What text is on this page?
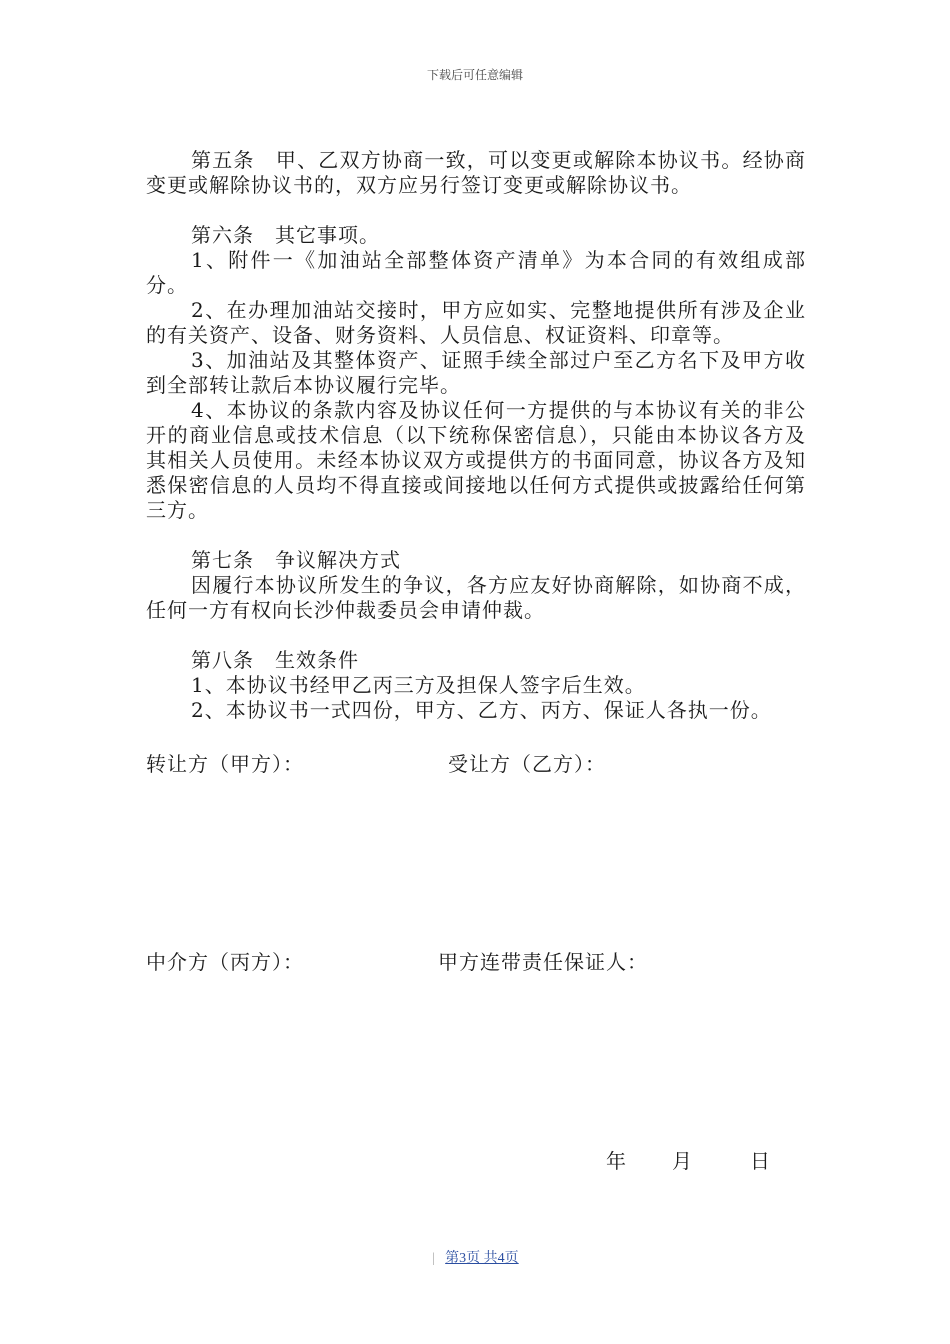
下载后可任意编辑

第五条　甲、乙双方协商一致，可以变更或解除本协议书。经协商变更或解除协议书的，双方应另行签订变更或解除协议书。

第六条　其它事项。

1、附件一《加油站全部整体资产清单》为本合同的有效组成部分。

2、在办理加油站交接时，甲方应如实、完整地提供所有涉及企业的有关资产、设备、财务资料、人员信息、权证资料、印章等。

3、加油站及其整体资产、证照手续全部过户至乙方名下及甲方收到全部转让款后本协议履行完毕。

4、本协议的条款内容及协议任何一方提供的与本协议有关的非公开的商业信息或技术信息（以下统称保密信息），只能由本协议各方及其相关人员使用。未经本协议双方或提供方的书面同意，协议各方及知悉保密信息的人员均不得直接或间接地以任何方式提供或披露给任何第三方。

第七条　争议解决方式

因履行本协议所发生的争议，各方应友好协商解除，如协商不成，任何一方有权向长沙仲裁委员会申请仲裁。

第八条　生效条件

1、本协议书经甲乙丙三方及担保人签字后生效。

2、本协议书一式四份，甲方、乙方、丙方、保证人各执一份。

转让方（甲方）：	受让方（乙方）：
中介方（丙方）：	甲方连带责任保证人：
年 月	日
| 第3页 共4页
